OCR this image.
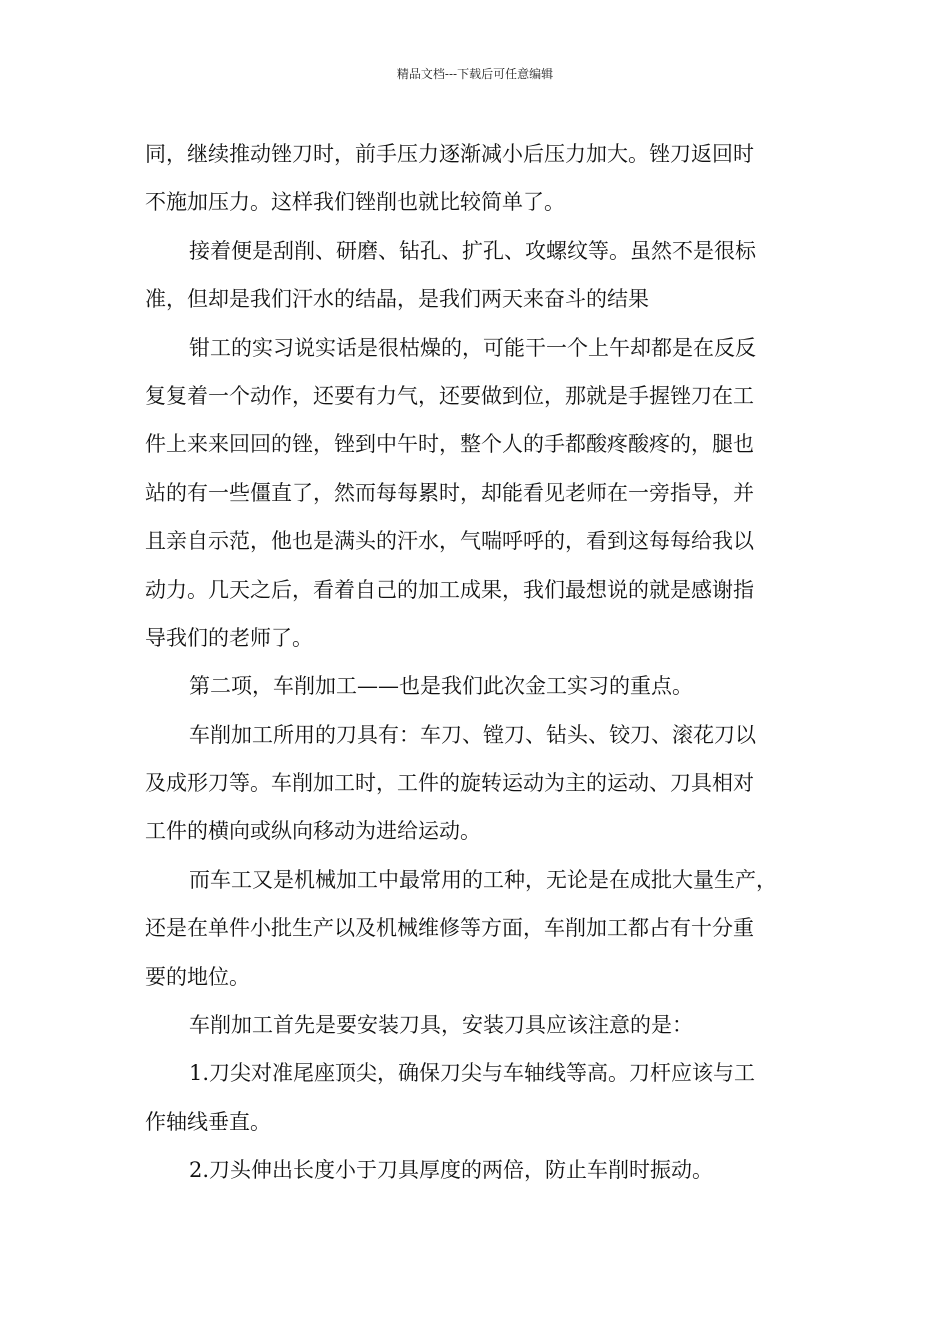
精品文档---下载后可任意编辑
同，继续推动锉刀时，前手压力逐渐减小后压力加大。锉刀返回时
不施加压力。这样我们锉削也就比较简单了。
接着便是刮削、研磨、钻孔、扩孔、攻螺纹等。虽然不是很标
准，但却是我们汗水的结晶，是我们两天来奋斗的结果
钳工的实习说实话是很枯燥的，可能干一个上午却都是在反反
复复着一个动作，还要有力气，还要做到位，那就是手握锉刀在工
件上来来回回的锉，锉到中午时，整个人的手都酸疼酸疼的，腿也
站的有一些僵直了，然而每每累时，却能看见老师在一旁指导，并
且亲自示范，他也是满头的汗水，气喘呼呼的，看到这每每给我以
动力。几天之后，看着自己的加工成果，我们最想说的就是感谢指
导我们的老师了。
第二项，车削加工——也是我们此次金工实习的重点。
车削加工所用的刀具有：车刀、镗刀、钻头、铰刀、滚花刀以
及成形刀等。车削加工时，工件的旋转运动为主的运动、刀具相对
工件的横向或纵向移动为进给运动。
而车工又是机械加工中最常用的工种，无论是在成批大量生产，
还是在单件小批生产以及机械维修等方面，车削加工都占有十分重
要的地位。
车削加工首先是要安装刀具，安装刀具应该注意的是：
1.刀尖对准尾座顶尖，确保刀尖与车轴线等高。刀杆应该与工
作轴线垂直。
2.刀头伸出长度小于刀具厚度的两倍，防止车削时振动。
